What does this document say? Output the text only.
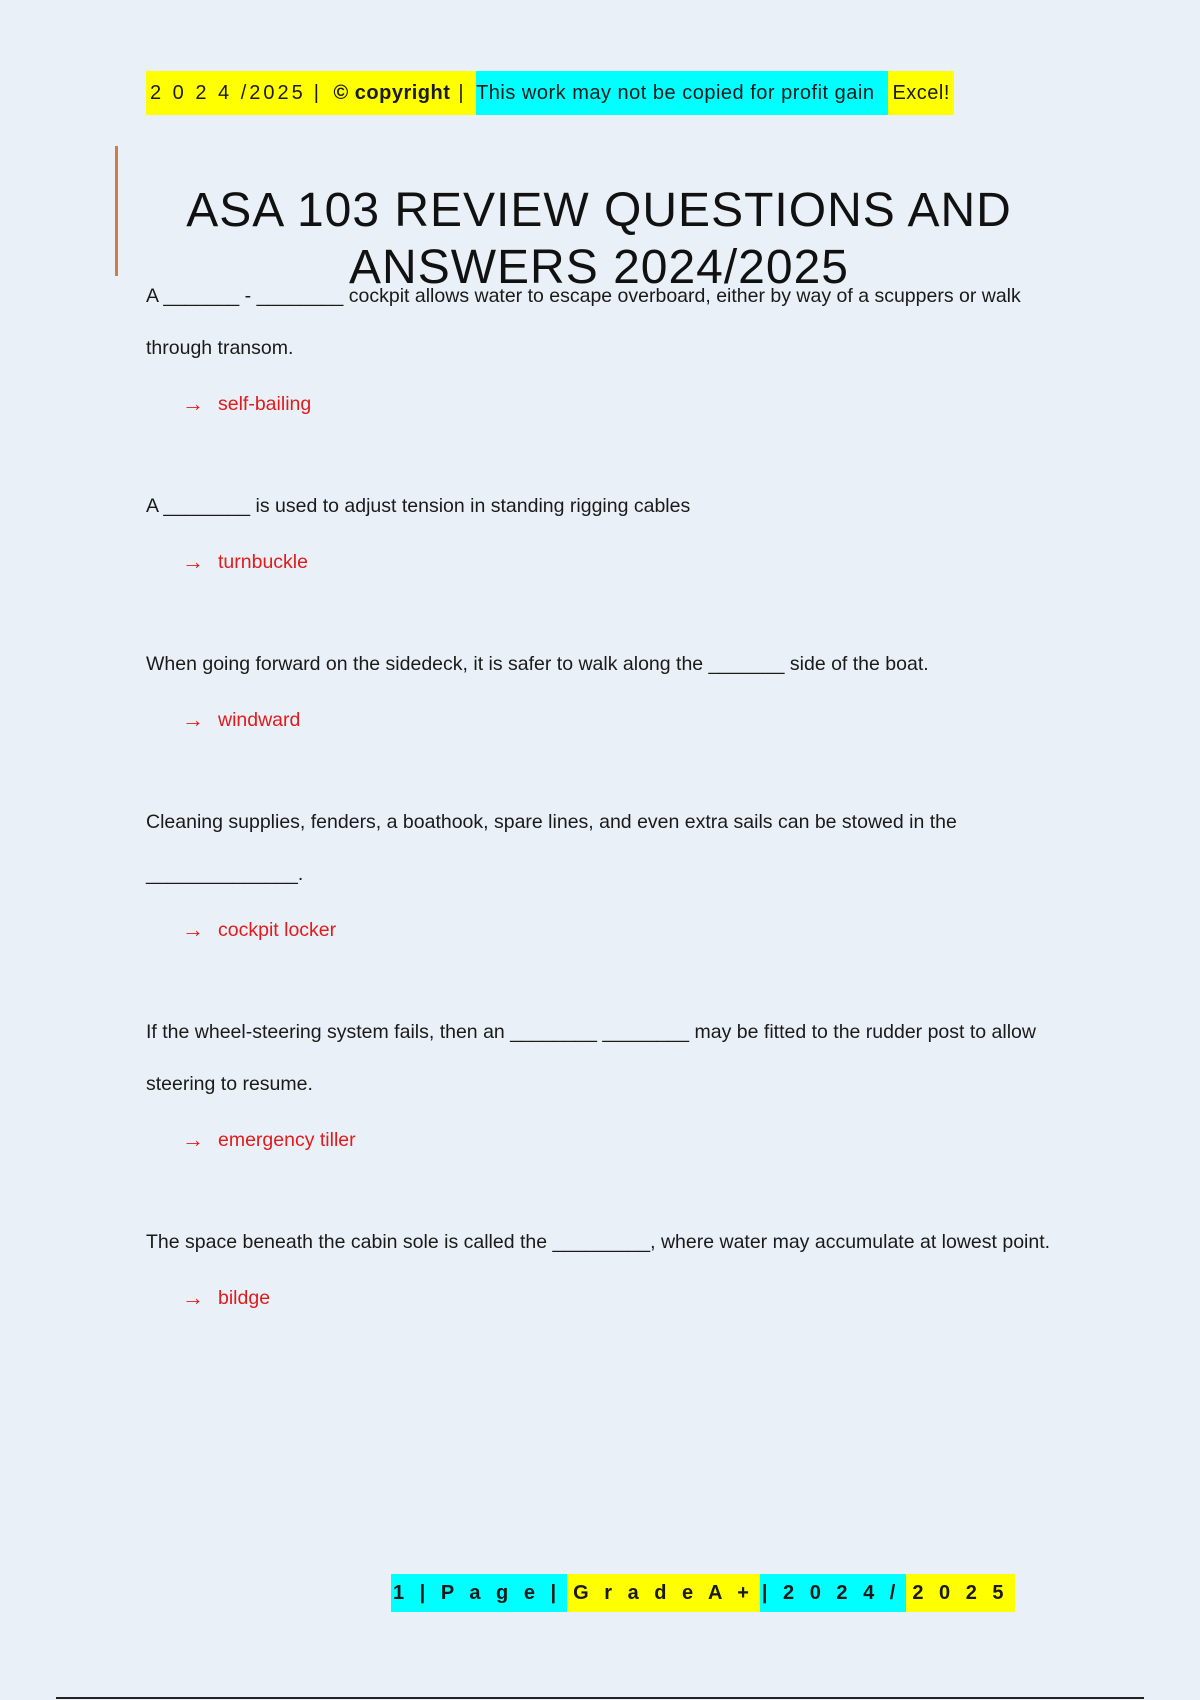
2 0 2 4 /2025 | © copyright | This work may not be copied for profit gain Excel!
ASA 103 REVIEW QUESTIONS AND ANSWERS 2024/2025

A _______ - ________ cockpit allows water to escape overboard, either by way of a scuppers or walk through transom.

→ self-bailing

A ________ is used to adjust tension in standing rigging cables

→ turnbuckle

When going forward on the sidedeck, it is safer to walk along the _______ side of the boat.

→ windward

Cleaning supplies, fenders, a boathook, spare lines, and even extra sails can be stowed in the ______________.

→ cockpit locker

If the wheel-steering system fails, then an ________ ________ may be fitted to the rudder post to allow steering to resume.

→ emergency tiller

The space beneath the cabin sole is called the _________, where water may accumulate at lowest point.

→ bildge
1 | P a g e | G r a d e A + | 2 0 2 4 / 2 0 2 5
